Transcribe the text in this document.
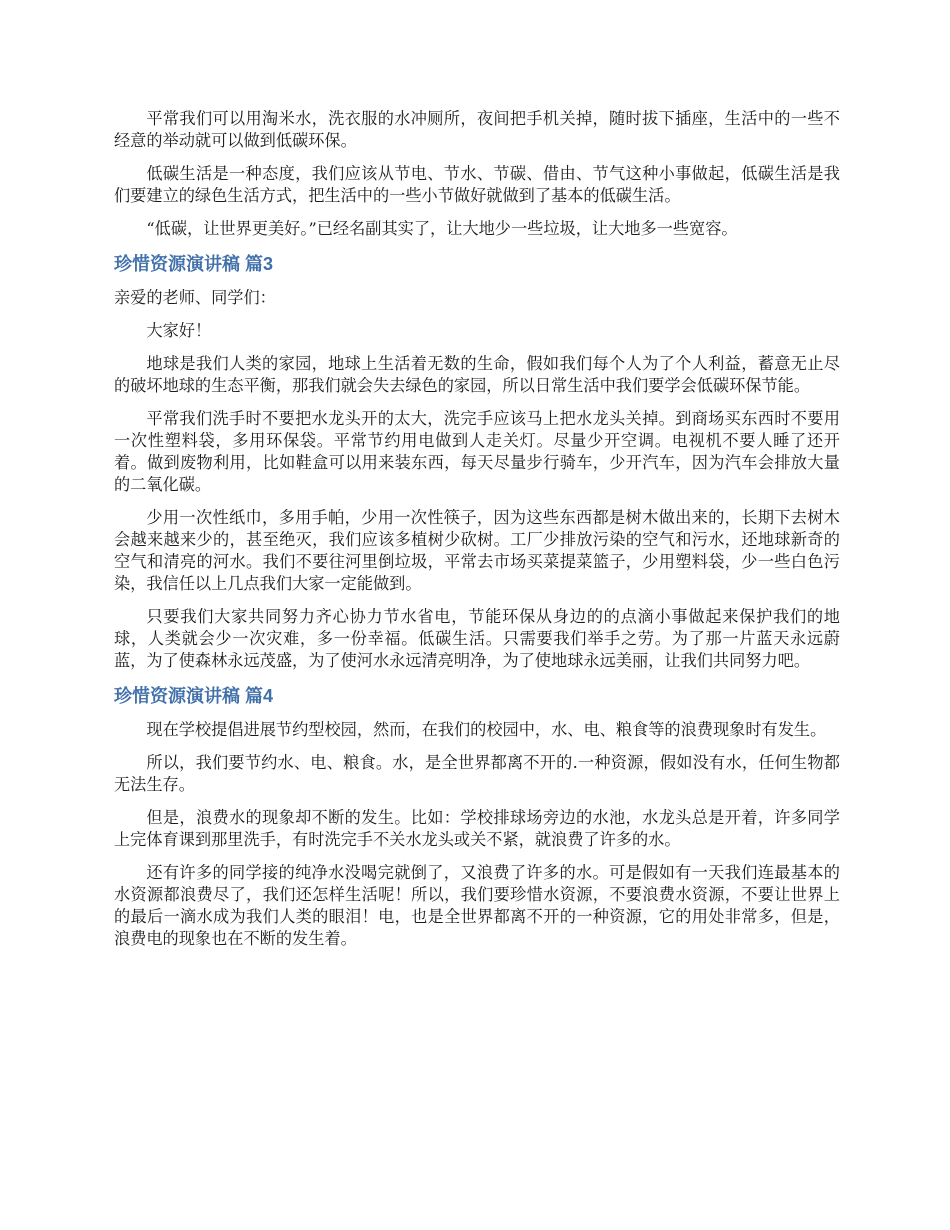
平常我们可以用淘米水，洗衣服的水冲厕所，夜间把手机关掉，随时拔下插座，生活中的一些不经意的举动就可以做到低碳环保。

低碳生活是一种态度，我们应该从节电、节水、节碳、借由、节气这种小事做起，低碳生活是我们要建立的绿色生活方式，把生活中的一些小节做好就做到了基本的低碳生活。

“低碳，让世界更美好。”已经名副其实了，让大地少一些垃圾，让大地多一些宽容。

珍惜资源演讲稿 篇3

亲爱的老师、同学们：

大家好！

地球是我们人类的家园，地球上生活着无数的生命，假如我们每个人为了个人利益，蓄意无止尽的破坏地球的生态平衡，那我们就会失去绿色的家园，所以日常生活中我们要学会低碳环保节能。

平常我们洗手时不要把水龙头开的太大，洗完手应该马上把水龙头关掉。到商场买东西时不要用一次性塑料袋，多用环保袋。平常节约用电做到人走关灯。尽量少开空调。电视机不要人睡了还开着。做到废物利用，比如鞋盒可以用来装东西，每天尽量步行骑车，少开汽车，因为汽车会排放大量的二氧化碳。

少用一次性纸巾，多用手帕，少用一次性筷子，因为这些东西都是树木做出来的，长期下去树木会越来越来少的，甚至绝灭，我们应该多植树少砍树。工厂少排放污染的空气和污水，还地球新奇的空气和清亮的河水。我们不要往河里倒垃圾，平常去市场买菜提菜篮子，少用塑料袋，少一些白色污染，我信任以上几点我们大家一定能做到。

只要我们大家共同努力齐心协力节水省电，节能环保从身边的的点滴小事做起来保护我们的地球，人类就会少一次灾难，多一份幸福。低碳生活。只需要我们举手之劳。为了那一片蓝天永远蔚蓝，为了使森林永远茂盛，为了使河水永远清亮明净，为了使地球永远美丽，让我们共同努力吧。

珍惜资源演讲稿 篇4

现在学校提倡进展节约型校园，然而，在我们的校园中，水、电、粮食等的浪费现象时有发生。

所以，我们要节约水、电、粮食。水，是全世界都离不开的.一种资源，假如没有水，任何生物都无法生存。

但是，浪费水的现象却不断的发生。比如：学校排球场旁边的水池，水龙头总是开着，许多同学上完体育课到那里洗手，有时洗完手不关水龙头或关不紧，就浪费了许多的水。

还有许多的同学接的纯净水没喝完就倒了，又浪费了许多的水。可是假如有一天我们连最基本的水资源都浪费尽了，我们还怎样生活呢！所以，我们要珍惜水资源，不要浪费水资源，不要让世界上的最后一滴水成为我们人类的眼泪！电，也是全世界都离不开的一种资源，它的用处非常多，但是，浪费电的现象也在不断的发生着。
